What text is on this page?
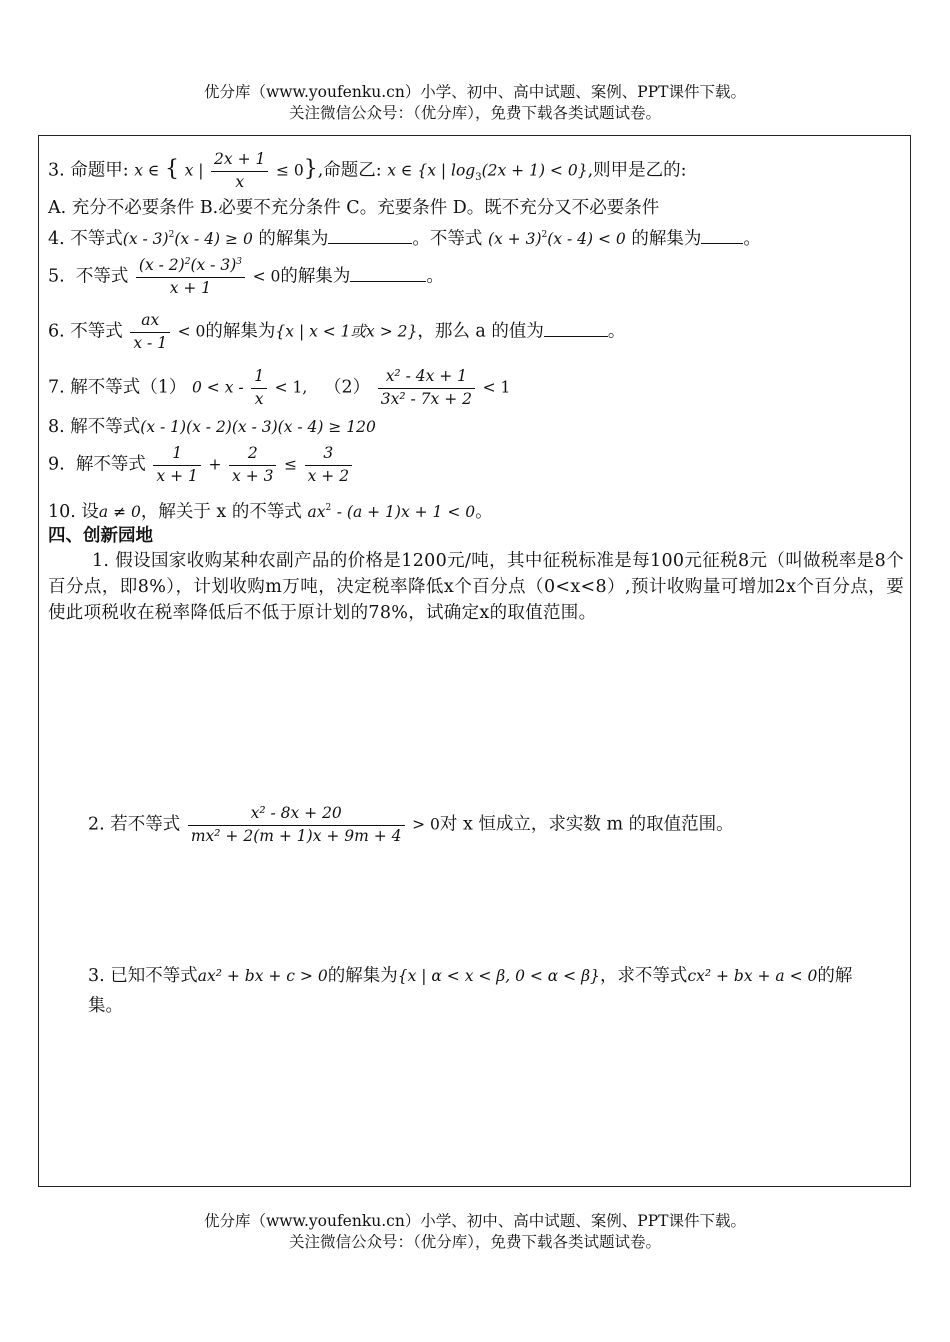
优分库（www.youfenku.cn）小学、初中、高中试题、案例、PPT课件下载。
关注微信公众号：（优分库），免费下载各类试题试卷。
3. 命题甲: x ∈ { x | $\frac{2x + 1}{x} \le 0$},命题乙: x ∈ {x | $\log_3(2x + 1) < 0$},则甲是乙的:
A. 充分不必要条件 B.必要不充分条件 C。充要条件 D。既不充分又不必要条件
4. 不等式(x - 3)$^2$(x - 4) ≥ 0 的解集为	。不等式 $(x + 3)^2(x - 4) < 0$ 的解集为 。
5. 不等式 $\frac{(x - 2)^2(x - 3)^3}{x + 1} < 0$的解集为	。
6. 不等式 $\frac{ax}{x - 1} < 0$的解集为{x | x < 1或x > 2}，那么 a 的值为	。
7. 解不等式（1） $0 < x - \frac{1}{x} < 1$, $(2) \frac{\text{x² - 4x + 1}}{\text{3x² - 7x + 2}} < 1$
8. 解不等式(x - 1)(x - 2)(x - 3)(x - 4) ≥ 120
9. 解不等式 $\frac{1}{x + 1} + \frac{2}{x + 3} \le \frac{3}{x + 2}$
10. 设a ≠ 0，解关于 x 的不等式 $ax^2 - (a + 1)x + 1 < 0$。
四、创新园地
1. 假设国家收购某种农副产品的价格是1200元/吨，其中征税标准是每100元征税8元（叫做税率是8个百分点，即8%），计划收购m万吨，决定税率降低x个百分点（0<x<8）,预计收购量可增加2x个百分点，要使此项税收在税率降低后不低于原计划的78%，试确定x的取值范围。
2. 若不等式 $\frac{\text{x² - 8x + 20}}{\text{mx² + 2(m + 1)x + 9m + 4}} > 0$对 x 恒成立，求实数 m 的取值范围。
3. 已知不等式ax² + bx + c > 0的解集为{x | α < x < β, 0 < α < β}，求不等式cx² + bx + a < 0的解
集。
优分库（www.youfenku.cn）小学、初中、高中试题、案例、PPT课件下载。
关注微信公众号：（优分库），免费下载各类试题试卷。
